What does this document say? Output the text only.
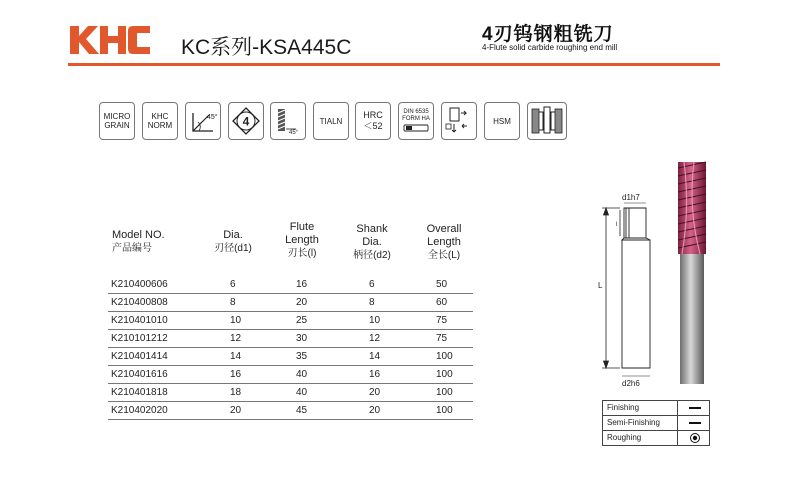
KC系列-KSA445C
4刃钨钢粗铣刀
4-Flute solid carbide roughing end mill
MICRO
GRAIN
KHC
NORM
45° 4
45°
TIALN
HRC
＜52
DIN 6535
FORM HA	HSM
Model NO.
产品编号
Dia.
刃径(d1)
Flute
Length
刃长(l)
Shank
Dia.
柄径(d2)
Overall
Length
全长(L)
K210400606	6	16	6	50
K210400808	8	20	8	60
K210401010	10	25	10	75
K210101212	12	30	12	75
K210401414	14	35	14	100
K210401616	16	40	16	100
K210401818	18	40	20	100
K210402020	20	45	20	100
L
l
d1h7
d2h6
Finishing
Semi-Finishing
Roughing
